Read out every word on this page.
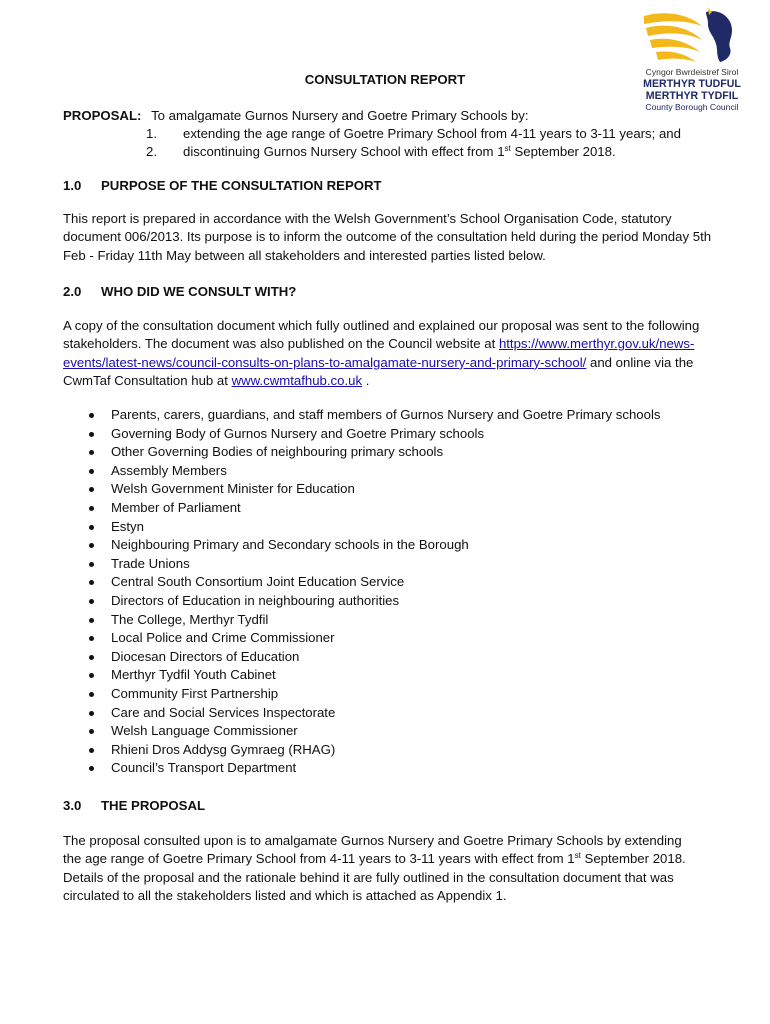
Cyngor Bwrdeistref Sirol
MERTHYR TUDFUL
MERTHYR TYDFIL
County Borough Council
CONSULTATION REPORT
PROPOSAL: To amalgamate Gurnos Nursery and Goetre Primary Schools by:
1. extending the age range of Goetre Primary School from 4-11 years to 3-11 years; and
2. discontinuing Gurnos Nursery School with effect from 1st September 2018.
1.0 PURPOSE OF THE CONSULTATION REPORT
This report is prepared in accordance with the Welsh Government’s School Organisation Code, statutory document 006/2013. Its purpose is to inform the outcome of the consultation held during the period Monday 5th Feb - Friday 11th May between all stakeholders and interested parties listed below.
2.0 WHO DID WE CONSULT WITH?
A copy of the consultation document which fully outlined and explained our proposal was sent to the following stakeholders. The document was also published on the Council website at https://www.merthyr.gov.uk/news-events/latest-news/council-consults-on-plans-to-amalgamate-nursery-and-primary-school/ and online via the CwmTaf Consultation hub at www.cwmtafhub.co.uk .
Parents, carers, guardians, and staff members of Gurnos Nursery and Goetre Primary schools
Governing Body of Gurnos Nursery and Goetre Primary schools
Other Governing Bodies of neighbouring primary schools
Assembly Members
Welsh Government Minister for Education
Member of Parliament
Estyn
Neighbouring Primary and Secondary schools in the Borough
Trade Unions
Central South Consortium Joint Education Service
Directors of Education in neighbouring authorities
The College, Merthyr Tydfil
Local Police and Crime Commissioner
Diocesan Directors of Education
Merthyr Tydfil Youth Cabinet
Community First Partnership
Care and Social Services Inspectorate
Welsh Language Commissioner
Rhieni Dros Addysg Gymraeg (RHAG)
Council’s Transport Department
3.0 THE PROPOSAL
The proposal consulted upon is to amalgamate Gurnos Nursery and Goetre Primary Schools by extending the age range of Goetre Primary School from 4-11 years to 3-11 years with effect from 1st September 2018. Details of the proposal and the rationale behind it are fully outlined in the consultation document that was circulated to all the stakeholders listed and which is attached as Appendix 1.
